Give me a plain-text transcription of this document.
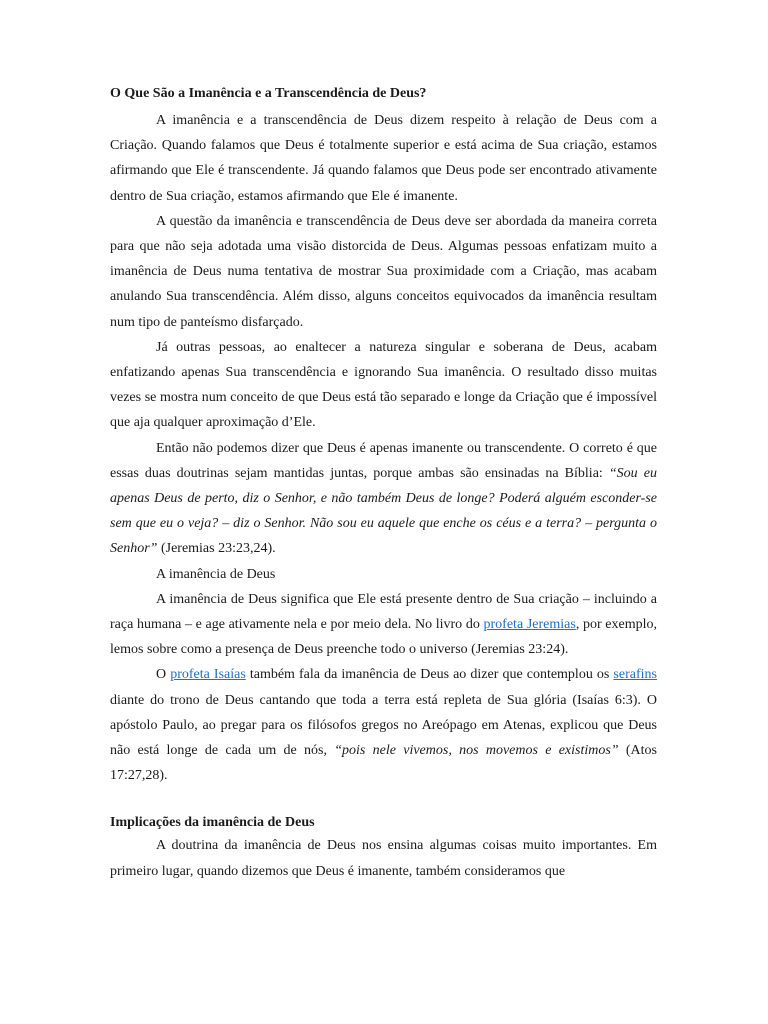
O Que São a Imanência e a Transcendência de Deus?

A imanência e a transcendência de Deus dizem respeito à relação de Deus com a Criação. Quando falamos que Deus é totalmente superior e está acima de Sua criação, estamos afirmando que Ele é transcendente. Já quando falamos que Deus pode ser encontrado ativamente dentro de Sua criação, estamos afirmando que Ele é imanente.

A questão da imanência e transcendência de Deus deve ser abordada da maneira correta para que não seja adotada uma visão distorcida de Deus. Algumas pessoas enfatizam muito a imanência de Deus numa tentativa de mostrar Sua proximidade com a Criação, mas acabam anulando Sua transcendência. Além disso, alguns conceitos equivocados da imanência resultam num tipo de panteísmo disfarçado.

Já outras pessoas, ao enaltecer a natureza singular e soberana de Deus, acabam enfatizando apenas Sua transcendência e ignorando Sua imanência. O resultado disso muitas vezes se mostra num conceito de que Deus está tão separado e longe da Criação que é impossível que aja qualquer aproximação d’Ele.

Então não podemos dizer que Deus é apenas imanente ou transcendente. O correto é que essas duas doutrinas sejam mantidas juntas, porque ambas são ensinadas na Bíblia: “Sou eu apenas Deus de perto, diz o Senhor, e não também Deus de longe? Poderá alguém esconder-se sem que eu o veja? – diz o Senhor. Não sou eu aquele que enche os céus e a terra? – pergunta o Senhor” (Jeremias 23:23,24).

A imanência de Deus

A imanência de Deus significa que Ele está presente dentro de Sua criação – incluindo a raça humana – e age ativamente nela e por meio dela. No livro do profeta Jeremias, por exemplo, lemos sobre como a presença de Deus preenche todo o universo (Jeremias 23:24).

O profeta Isaías também fala da imanência de Deus ao dizer que contemplou os serafins diante do trono de Deus cantando que toda a terra está repleta de Sua glória (Isaías 6:3). O apóstolo Paulo, ao pregar para os filósofos gregos no Areópago em Atenas, explicou que Deus não está longe de cada um de nós, “pois nele vivemos, nos movemos e existimos” (Atos 17:27,28).

Implicações da imanência de Deus

A doutrina da imanência de Deus nos ensina algumas coisas muito importantes. Em primeiro lugar, quando dizemos que Deus é imanente, também consideramos que
